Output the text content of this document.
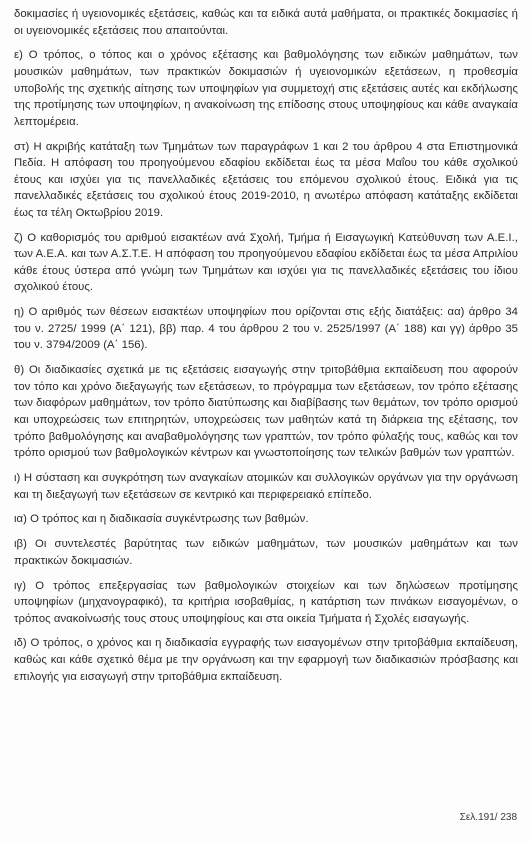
δοκιμασίες ή υγειονομικές εξετάσεις, καθώς και τα ειδικά αυτά μαθήματα, οι πρακτικές δοκιμασίες ή οι υγειονομικές εξετάσεις που απαιτούνται.

ε) Ο τρόπος, ο τόπος και ο χρόνος εξέτασης και βαθμολόγησης των ειδικών μαθημάτων, των μουσικών μαθημάτων, των πρακτικών δοκιμασιών ή υγειονομικών εξετάσεων, η προθεσμία υποβολής της σχετικής αίτησης των υποψηφίων για συμμετοχή στις εξετάσεις αυτές και εκδήλωσης της προτίμησης των υποψηφίων, η ανακοίνωση της επίδοσης στους υποψηφίους και κάθε αναγκαία λεπτομέρεια.

στ) Η ακριβής κατάταξη των Τμημάτων των παραγράφων 1 και 2 του άρθρου 4 στα Επιστημονικά Πεδία. Η απόφαση του προηγούμενου εδαφίου εκδίδεται έως τα μέσα Μαΐου του κάθε σχολικού έτους και ισχύει για τις πανελλαδικές εξετάσεις του επόμενου σχολικού έτους. Ειδικά για τις πανελλαδικές εξετάσεις του σχολικού έτους 2019-2010, η ανωτέρω απόφαση κατάταξης εκδίδεται έως τα τέλη Οκτωβρίου 2019.

ζ) Ο καθορισμός του αριθμού εισακτέων ανά Σχολή, Τμήμα ή Εισαγωγική Κατεύθυνση των Α.Ε.Ι., των Α.Ε.Α. και των Α.Σ.Τ.Ε. Η απόφαση του προηγούμενου εδαφίου εκδίδεται έως τα μέσα Απριλίου κάθε έτους ύστερα από γνώμη των Τμημάτων και ισχύει για τις πανελλαδικές εξετάσεις του ίδιου σχολικού έτους.

η) Ο αριθμός των θέσεων εισακτέων υποψηφίων που ορίζονται στις εξής διατάξεις: αα) άρθρο 34 του ν. 2725/ 1999 (Α΄ 121), ββ) παρ. 4 του άρθρου 2 του ν. 2525/1997 (Α΄ 188) και γγ) άρθρο 35 του ν. 3794/2009 (Α΄ 156).

θ) Οι διαδικασίες σχετικά με τις εξετάσεις εισαγωγής στην τριτοβάθμια εκπαίδευση που αφορούν τον τόπο και χρόνο διεξαγωγής των εξετάσεων, το πρόγραμμα των εξετάσεων, τον τρόπο εξέτασης των διαφόρων μαθημάτων, τον τρόπο διατύπωσης και διαβίβασης των θεμάτων, τον τρόπο ορισμού και υποχρεώσεις των επιτηρητών, υποχρεώσεις των μαθητών κατά τη διάρκεια της εξέτασης, τον τρόπο βαθμολόγησης και αναβαθμολόγησης των γραπτών, τον τρόπο φύλαξής τους, καθώς και τον τρόπο ορισμού των βαθμολογικών κέντρων και γνωστοποίησης των τελικών βαθμών των γραπτών.

ι) Η σύσταση και συγκρότηση των αναγκαίων ατομικών και συλλογικών οργάνων για την οργάνωση και τη διεξαγωγή των εξετάσεων σε κεντρικό και περιφερειακό επίπεδο.

ια) Ο τρόπος και η διαδικασία συγκέντρωσης των βαθμών.

ιβ) Οι συντελεστές βαρύτητας των ειδικών μαθημάτων, των μουσικών μαθημάτων και των πρακτικών δοκιμασιών.

ιγ) Ο τρόπος επεξεργασίας των βαθμολογικών στοιχείων και των δηλώσεων προτίμησης υποψηφίων (μηχανογραφικό), τα κριτήρια ισοβαθμίας, η κατάρτιση των πινάκων εισαγομένων, ο τρόπος ανακοίνωσής τους στους υποψηφίους και στα οικεία Τμήματα ή Σχολές εισαγωγής.

ιδ) Ο τρόπος, ο χρόνος και η διαδικασία εγγραφής των εισαγομένων στην τριτοβάθμια εκπαίδευση, καθώς και κάθε σχετικό θέμα με την οργάνωση και την εφαρμογή των διαδικασιών πρόσβασης και επιλογής για εισαγωγή στην τριτοβάθμια εκπαίδευση.

Σελ.191/ 238
